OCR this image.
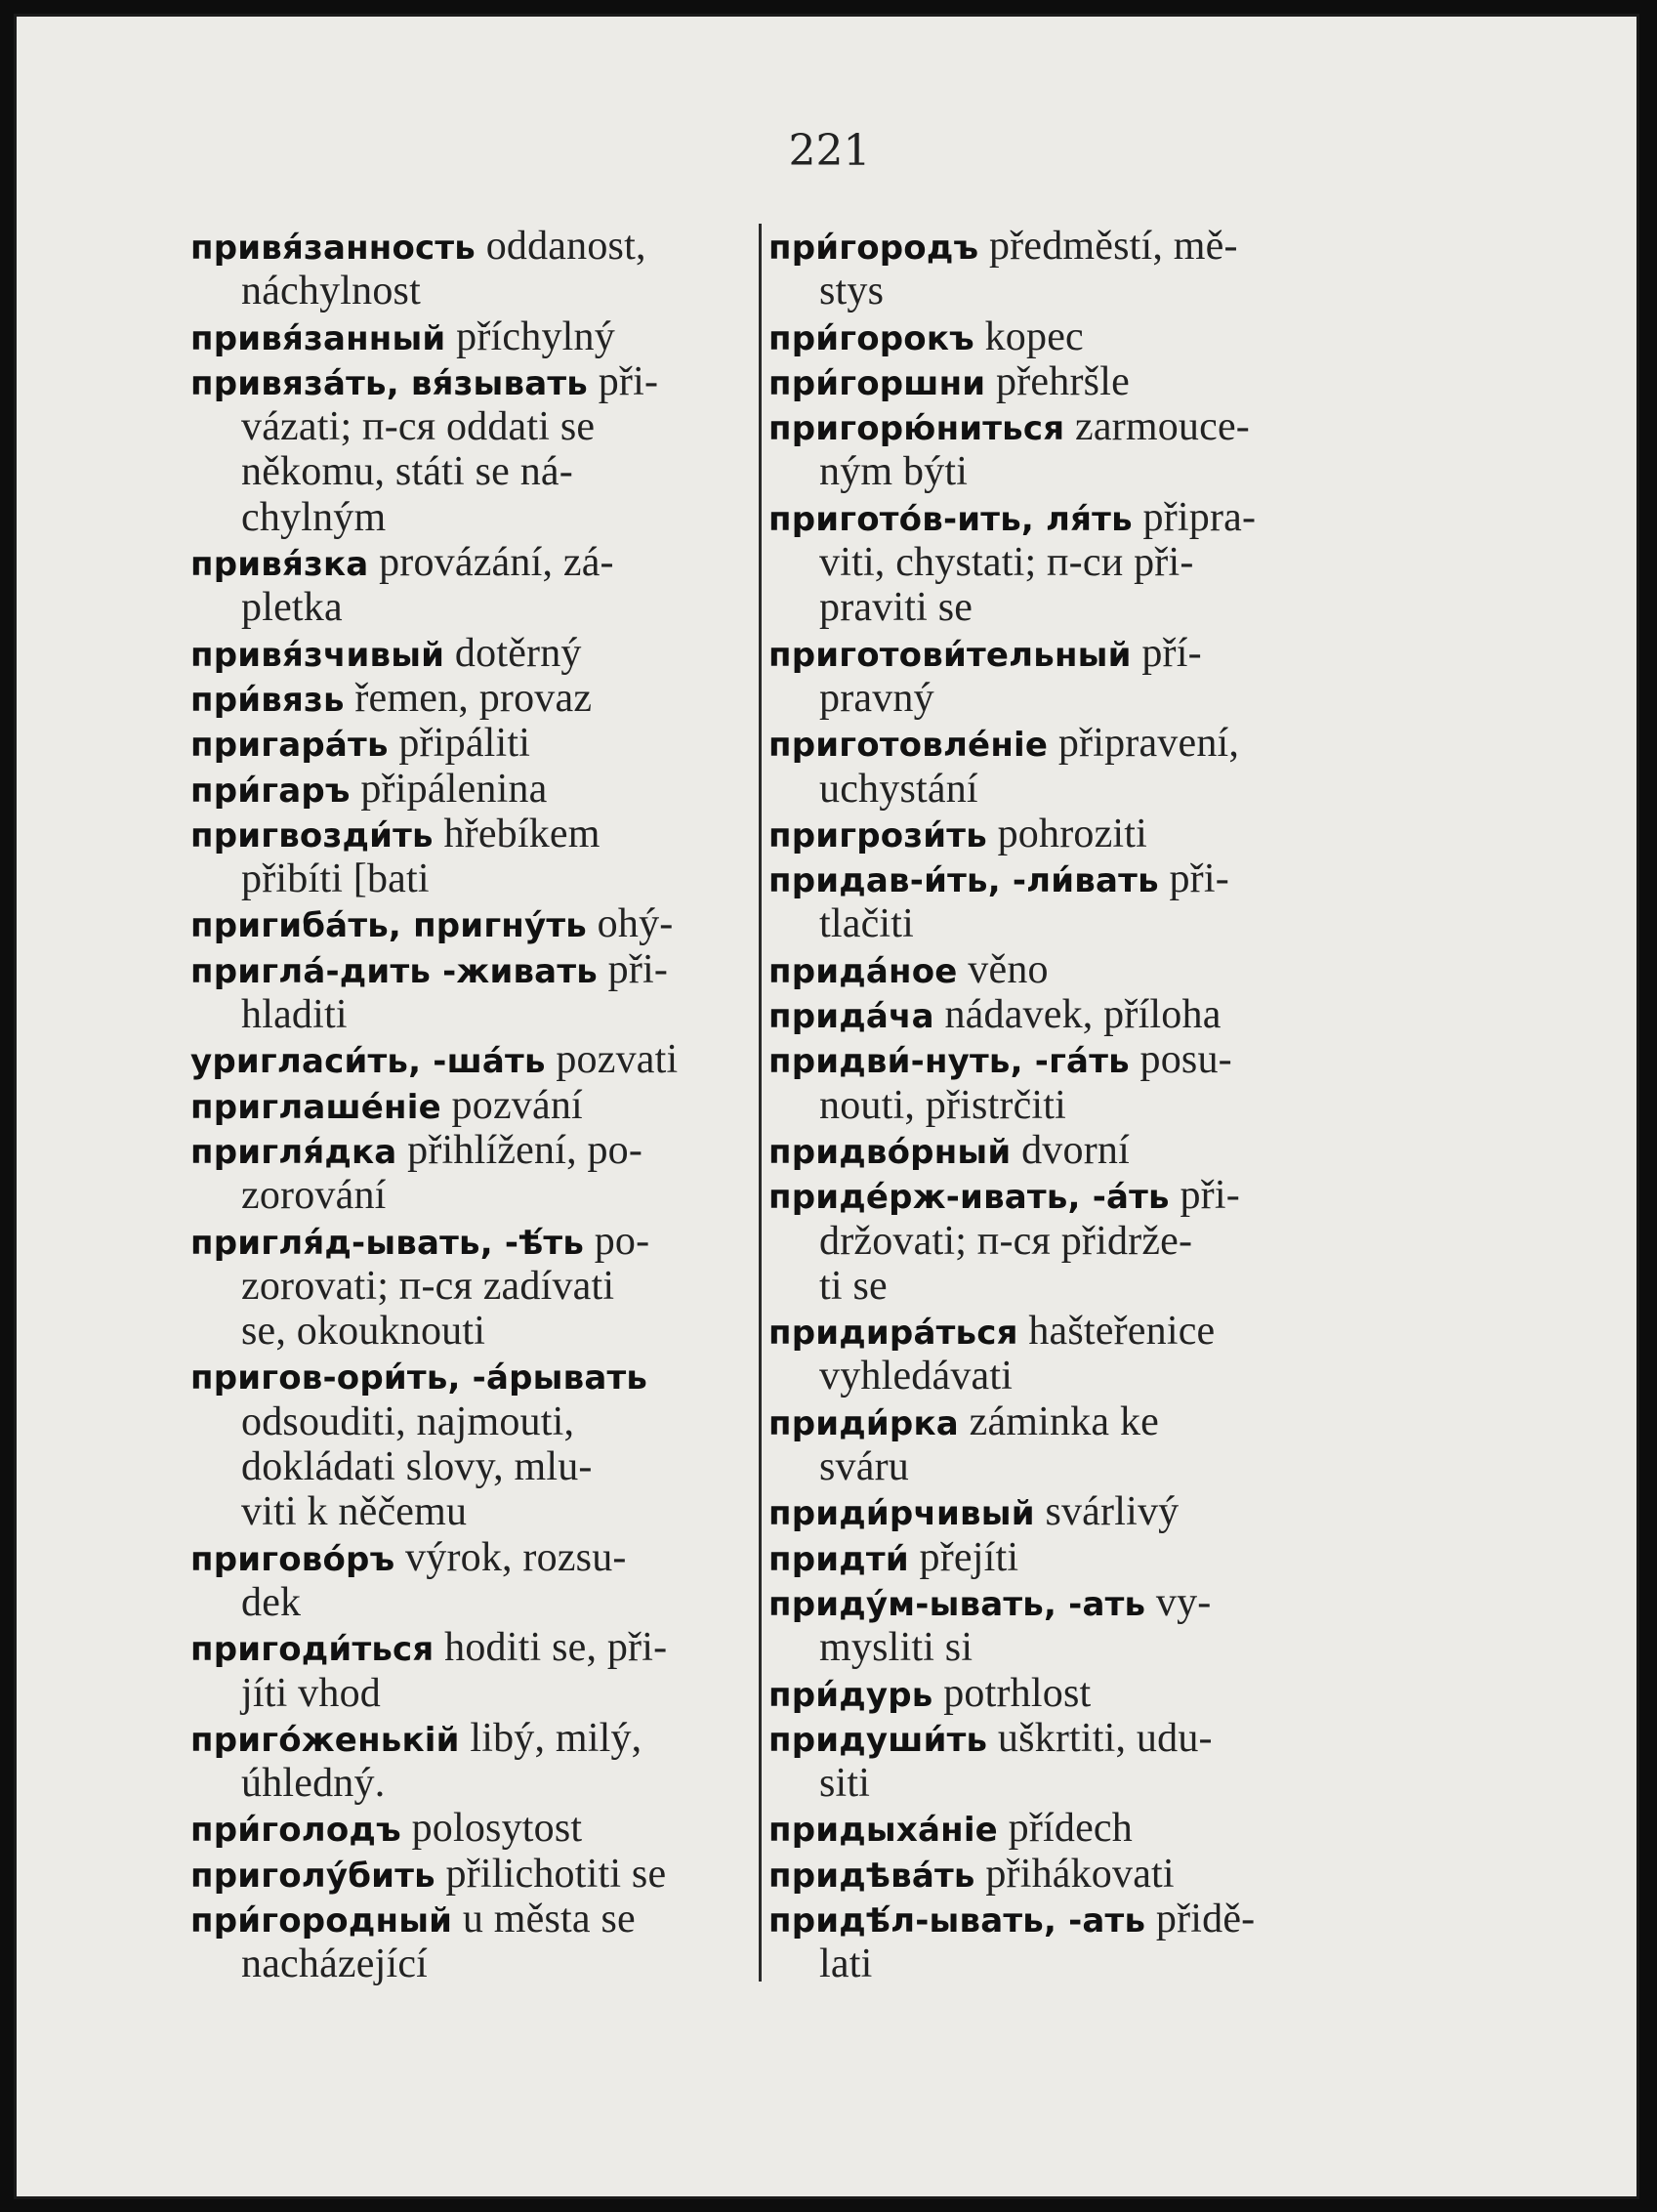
221
привя́занность oddanost,
náchylnost
привя́занный příchylný
привяза́ть, вя́зывать při-
vázati; п-ся oddati se
někomu, státi se ná-
chylným
привя́зка provázání, zá-
pletka
привя́зчивый dotěrný
при́вязь řemen, provaz
пригара́ть připáliti
при́гаръ připálenina
пригвозди́ть hřebíkem
přibíti [bati
пригиба́ть, пригну́ть ohý-
пригла́-дить -живать při-
hladiti
уригласи́ть, -ша́ть pozvati
приглаше́ніе pozvání
пригля́дка přihlížení, po-
zorování
пригля́д-ывать, -ѣ́ть po-
zorovati; п-ся zadívati
se, okouknouti
пригов-ори́ть, -а́рывать
odsouditi, najmouti,
dokládati slovy, mlu-
viti k něčemu
пригово́ръ výrok, rozsu-
dek
пригоди́ться hoditi se, při-
jíti vhod
приго́женькій libý, milý,
úhledný.
при́голодъ polosytost
приголу́бить přilichotiti se
при́городный u města se
nacházející
при́городъ předměstí, mě-
stys
при́горокъ kopec
при́горшни přehršle
пригорю́ниться zarmouce-
ným býti
пригото́в-ить, ля́ть připra-
viti, chystati; п-си při-
praviti se
приготови́тельный pří-
pravný
приготовле́ніе připravení,
uchystání
пригрози́ть pohroziti
придав-и́ть, -ли́вать při-
tlačiti
прида́ное věno
прида́ча nádavek, příloha
придви́-нуть, -га́ть posu-
nouti, přistrčiti
придво́рный dvorní
приде́рж-ивать, -а́ть při-
držovati; п-ся přidrže-
ti se
придира́ться hašteřenice
vyhledávati
приди́рка záminka ke
sváru
приди́рчивый svárlivý
придти́ přejíti
приду́м-ывать, -ать vy-
mysliti si
при́дурь potrhlost
придуши́ть uškrtiti, udu-
siti
придыха́ніе přídech
придѣва́ть přihákovati
придѣ́л-ывать, -ать přidě-
lati
